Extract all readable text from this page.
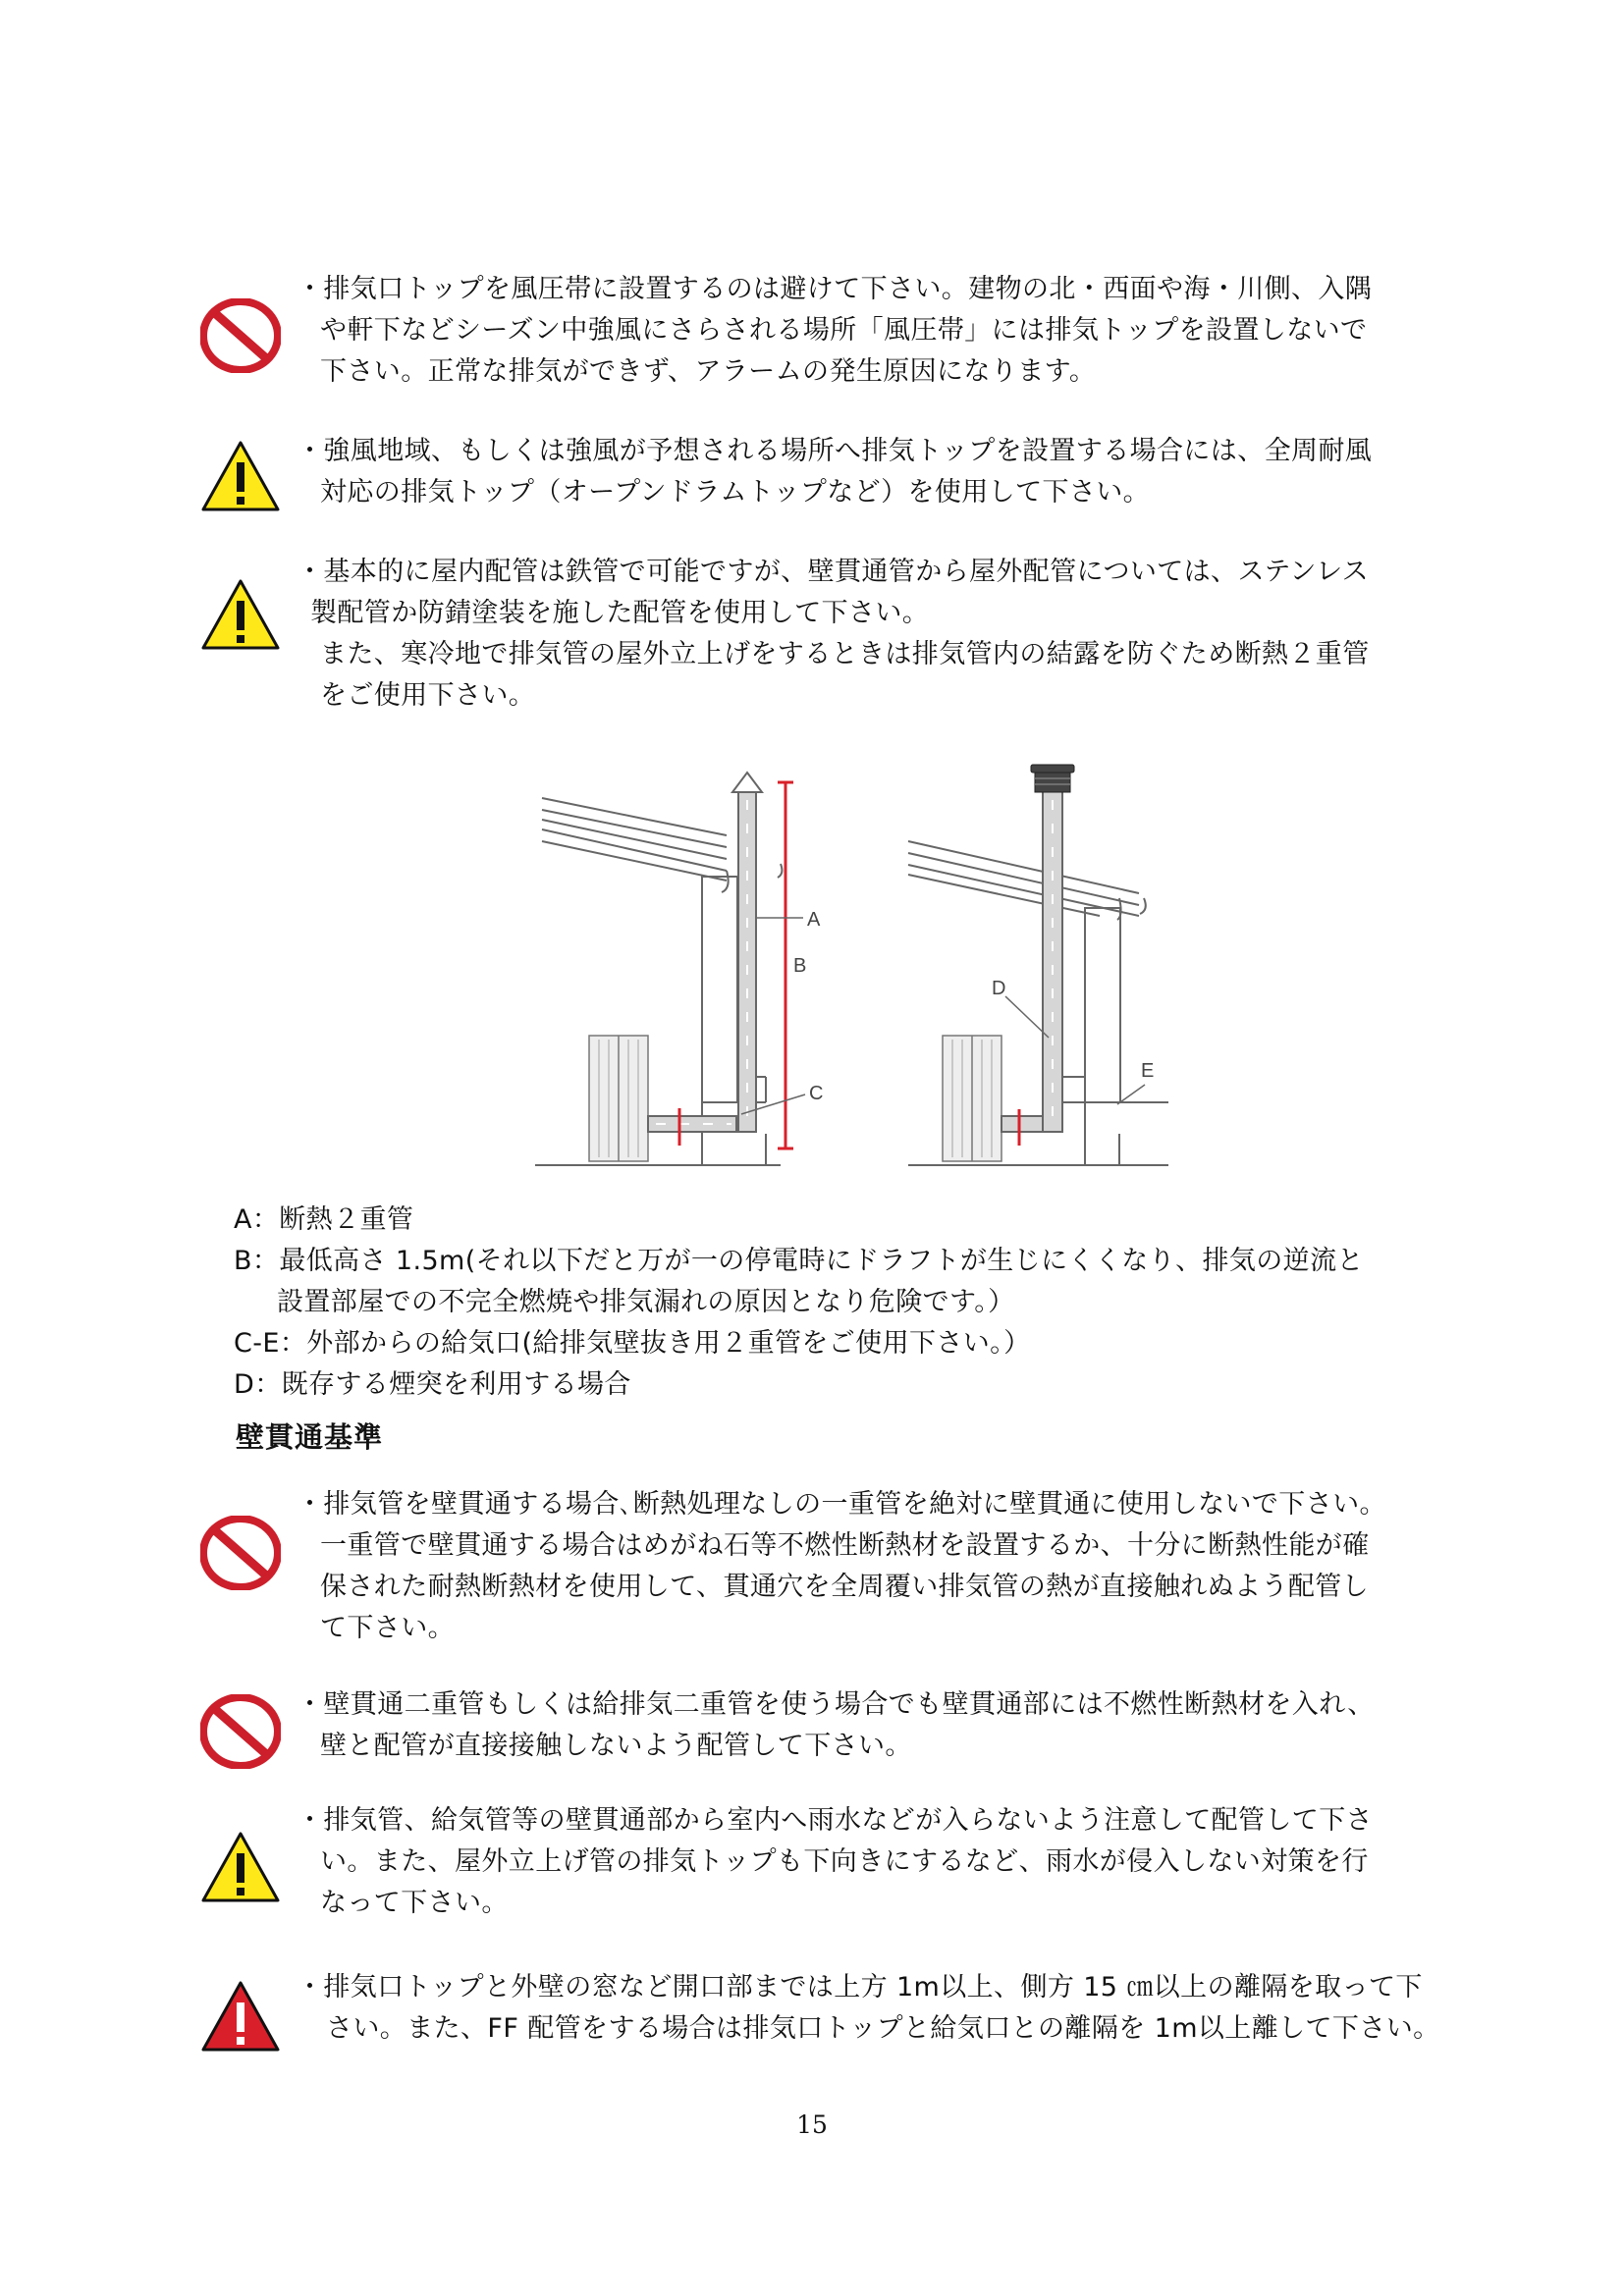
・排気口トップを風圧帯に設置するのは避けて下さい。建物の北・西面や海・川側、入隅
や軒下などシーズン中強風にさらされる場所「風圧帯」には排気トップを設置しないで
下さい。正常な排気ができず、アラームの発生原因になります。
・強風地域、もしくは強風が予想される場所へ排気トップを設置する場合には、全周耐風
対応の排気トップ（オープンドラムトップなど）を使用して下さい。
・基本的に屋内配管は鉄管で可能ですが、壁貫通管から屋外配管については、ステンレス
製配管か防錆塗装を施した配管を使用して下さい。
また、寒冷地で排気管の屋外立上げをするときは排気管内の結露を防ぐため断熱２重管
をご使用下さい。
A
B
C
D
E
A：断熱２重管
B：最低高さ 1.5m(それ以下だと万が一の停電時にドラフトが生じにくくなり、排気の逆流と
設置部屋での不完全燃焼や排気漏れの原因となり危険です。）
C-E：外部からの給気口(給排気壁抜き用２重管をご使用下さい。）
D：既存する煙突を利用する場合
壁貫通基準
・排気管を壁貫通する場合､断熱処理なしの一重管を絶対に壁貫通に使用しないで下さい。
一重管で壁貫通する場合はめがね石等不燃性断熱材を設置するか、十分に断熱性能が確
保された耐熱断熱材を使用して、貫通穴を全周覆い排気管の熱が直接触れぬよう配管し
て下さい。
・壁貫通二重管もしくは給排気二重管を使う場合でも壁貫通部には不燃性断熱材を入れ、
壁と配管が直接接触しないよう配管して下さい。
・排気管、給気管等の壁貫通部から室内へ雨水などが入らないよう注意して配管して下さ
い。また、屋外立上げ管の排気トップも下向きにするなど、雨水が侵入しない対策を行
なって下さい。
・排気口トップと外壁の窓など開口部までは上方 1m以上、側方 15 ㎝以上の離隔を取って下
さい。また、FF 配管をする場合は排気口トップと給気口との離隔を 1m以上離して下さい。
15
